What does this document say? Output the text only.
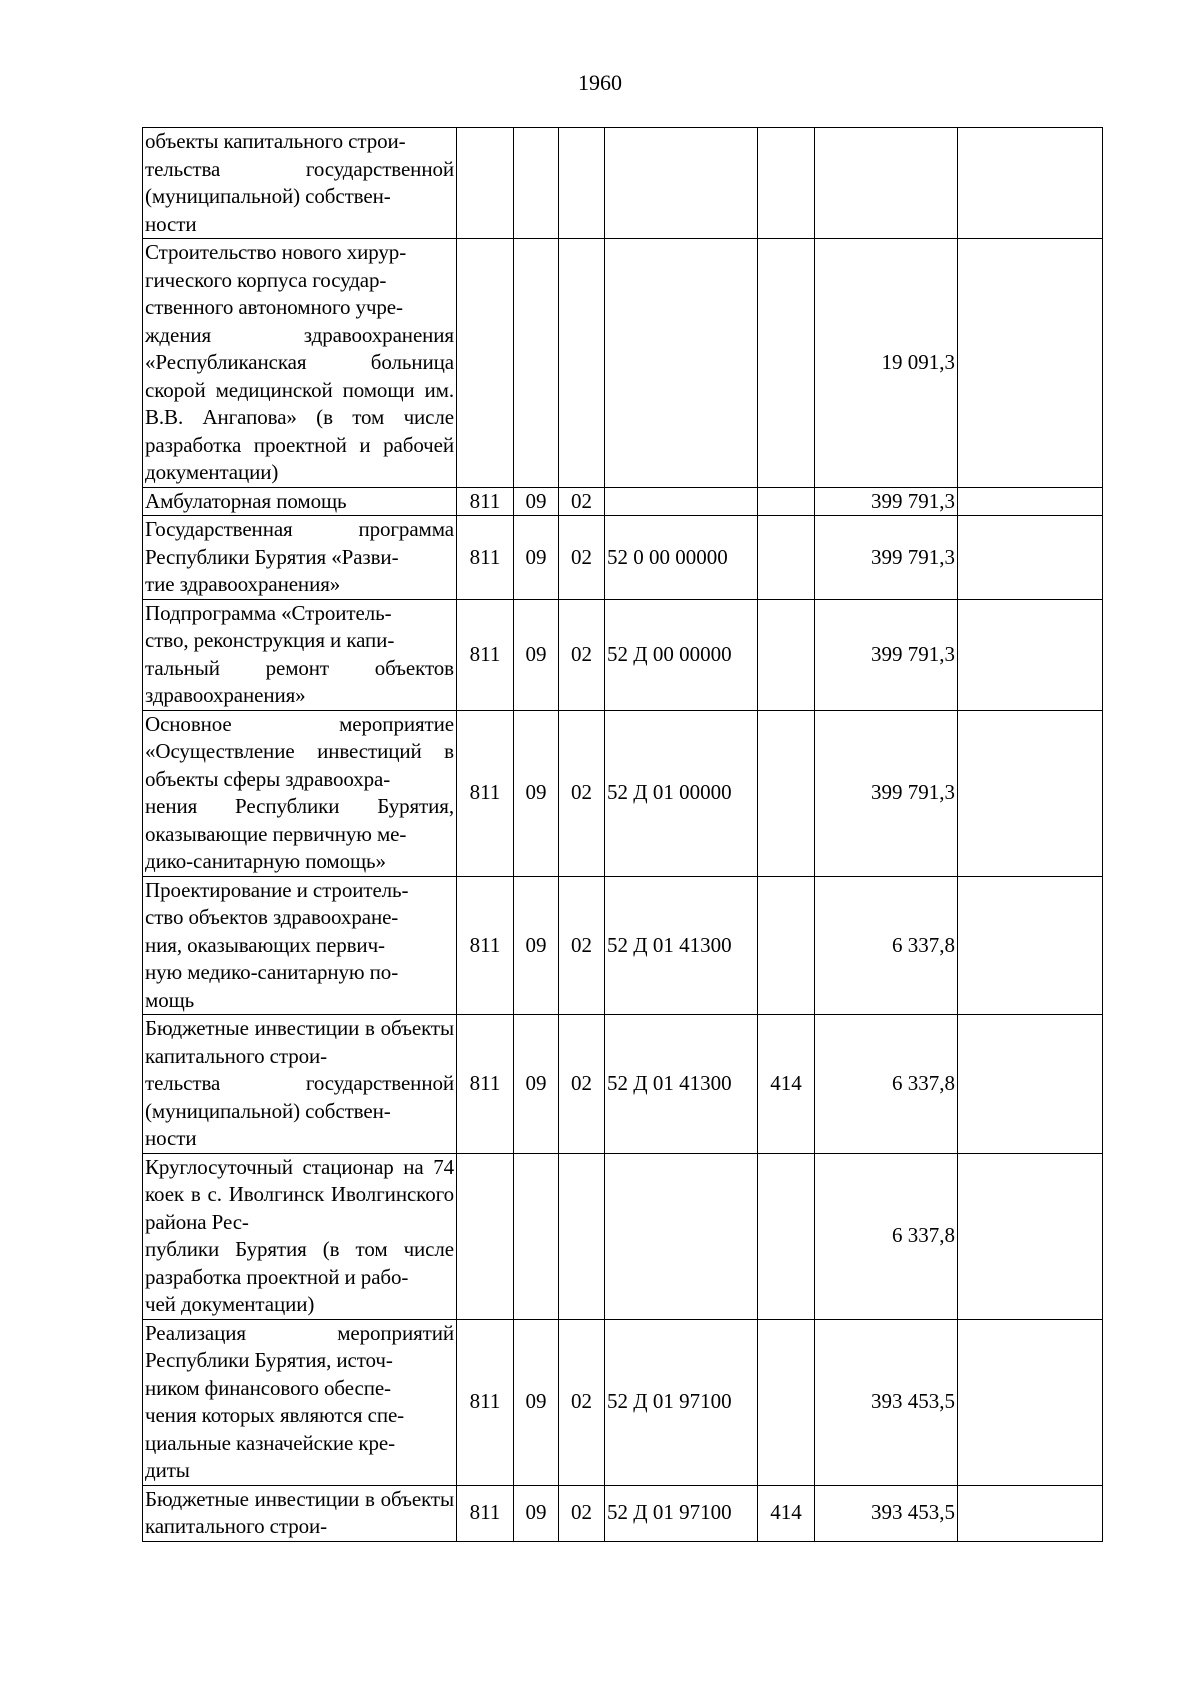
1960
объекты капитального строи-
тельства государственной (муниципальной) собствен-
ности							
Строительство нового хирур-
гического корпуса государ-
ственного автономного учре-
ждения здравоохранения «Республиканская больница скорой медицинской помощи им. В.В. Ангапова» (в том числе разработка проектной и рабочей документации)						19 091,3	
Амбулаторная помощь	811	09	02			399 791,3	
Государственная программа Республики Бурятия «Разви-
тие здравоохранения»	811	09	02	52 0 00 00000		399 791,3	
Подпрограмма «Строитель-
ство, реконструкция и капи-
тальный ремонт объектов здравоохранения»	811	09	02	52 Д 00 00000		399 791,3	
Основное мероприятие «Осуществление инвестиций в объекты сферы здравоохра-
нения Республики Бурятия, оказывающие первичную ме-
дико-санитарную помощь»	811	09	02	52 Д 01 00000		399 791,3	
Проектирование и строитель-
ство объектов здравоохране-
ния, оказывающих первич-
ную медико-санитарную по-
мощь	811	09	02	52 Д 01 41300		6 337,8	
Бюджетные инвестиции в объекты капитального строи-
тельства государственной (муниципальной) собствен-
ности	811	09	02	52 Д 01 41300	414	6 337,8	
Круглосуточный стационар на 74 коек в с. Иволгинск Иволгинского района Рес-
публики Бурятия (в том числе разработка проектной и рабо-
чей документации)						6 337,8	
Реализация мероприятий Республики Бурятия, источ-
ником финансового обеспе-
чения которых являются спе-
циальные казначейские кре-
диты	811	09	02	52 Д 01 97100		393 453,5	
Бюджетные инвестиции в объекты капитального строи-	811	09	02	52 Д 01 97100	414	393 453,5	
